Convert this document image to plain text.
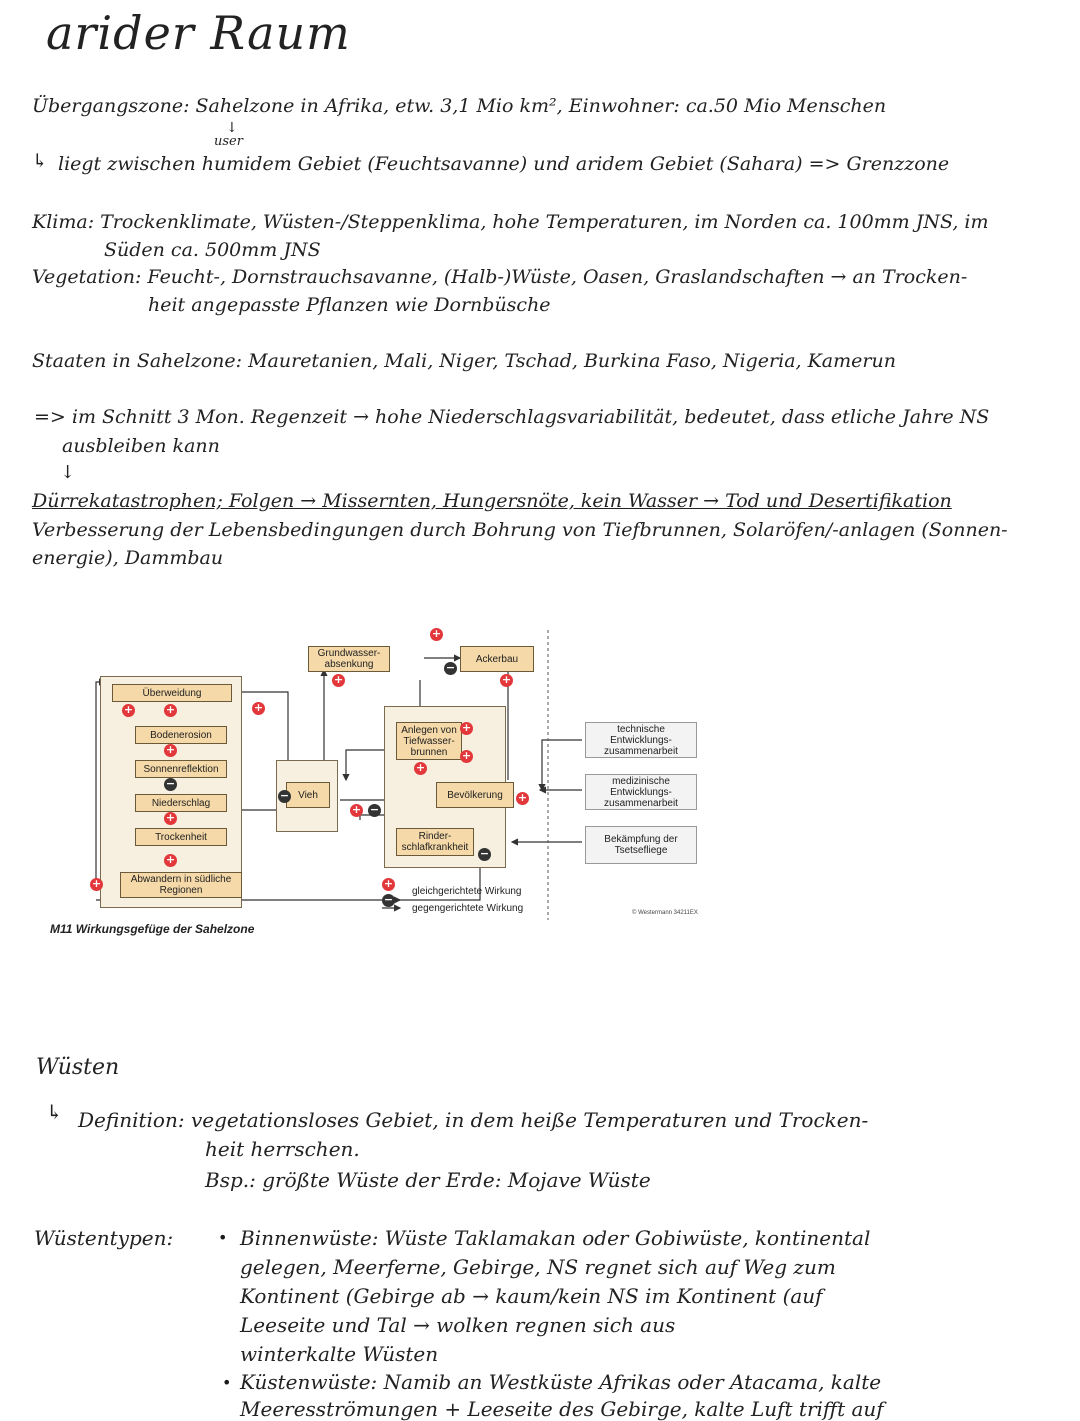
arider Raum
Übergangszone: Sahelzone in Afrika, etw. 3,1 Mio km², Einwohner: ca.50 Mio Menschen
↓
user
↳ liegt zwischen humidem Gebiet (Feuchtsavanne) und aridem Gebiet (Sahara) => Grenzzone
Klima: Trockenklimate, Wüsten-/Steppenklima, hohe Temperaturen, im Norden ca. 100mm JNS, im
Süden ca. 500mm JNS
Vegetation: Feucht-, Dornstrauchsavanne, (Halb-)Wüste, Oasen, Graslandschaften → an Trocken-
heit angepasste Pflanzen wie Dornbüsche
Staaten in Sahelzone: Mauretanien, Mali, Niger, Tschad, Burkina Faso, Nigeria, Kamerun
=> im Schnitt 3 Mon. Regenzeit → hohe Niederschlagsvariabilität, bedeutet, dass etliche Jahre NS
ausbleiben kann
↓
Dürrekatastrophen; Folgen → Missernten, Hungersnöte, kein Wasser → Tod und Desertifikation
Verbesserung der Lebensbedingungen durch Bohrung von Tiefbrunnen, Solaröfen/-anlagen (Sonnen-
energie), Dammbau
Überweidung
Bodenerosion
Sonnenreflektion
Niederschlag
Trockenheit
Abwandern in südliche Regionen
Grundwasser-absenkung	Ackerbau
Vieh
Anlegen von Tiefwasser-brunnen
Bevölkerung
Rinder-schlafkrankheit
technische Entwicklungs-zusammenarbeit
medizinische Entwicklungs-zusammenarbeit
Bekämpfung der Tsetsefliege
+	+
+
−
+
+
+
+
−
+
−
+	+
+
+
+
+
−
+ −
+
−
gleichgerichtete Wirkung
gegengerichtete Wirkung	© Westermann 34211EX
M11 Wirkungsgefüge der Sahelzone
Wüsten
↳ Definition: vegetationsloses Gebiet, in dem heiße Temperaturen und Trocken-
heit herrschen.
Bsp.: größte Wüste der Erde: Mojave Wüste
Wüstentypen:	• Binnenwüste: Wüste Taklamakan oder Gobiwüste, kontinental
gelegen, Meerferne, Gebirge, NS regnet sich auf Weg zum
Kontinent (Gebirge ab → kaum/kein NS im Kontinent (auf
Leeseite und Tal → wolken regnen sich aus
winterkalte Wüsten
• Küstenwüste: Namib an Westküste Afrikas oder Atacama, kalte
Meeresströmungen + Leeseite des Gebirge, kalte Luft trifft auf
